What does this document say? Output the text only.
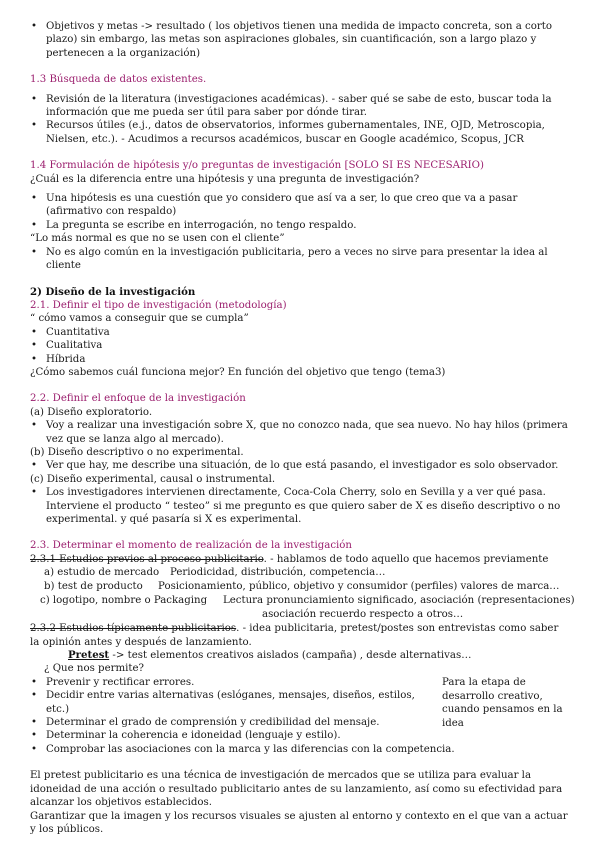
• Objetivos y metas -> resultado ( los objetivos tienen una medida de impacto concreta, son a corto plazo) sin embargo, las metas son aspiraciones globales, sin cuantificación, son a largo plazo y pertenecen a la organización)

1.3 Búsqueda de datos existentes.

• Revisión de la literatura (investigaciones académicas). - saber qué se sabe de esto, buscar toda la información que me pueda ser útil para saber por dónde tirar.

• Recursos útiles (e.j., datos de observatorios, informes gubernamentales, INE, OJD, Metroscopia, Nielsen, etc.). - Acudimos a recursos académicos, buscar en Google académico, Scopus, JCR

1.4 Formulación de hipótesis y/o preguntas de investigación [SOLO SI ES NECESARIO)

¿Cuál es la diferencia entre una hipótesis y una pregunta de investigación?

• Una hipótesis es una cuestión que yo considero que así va a ser, lo que creo que va a pasar (afirmativo con respaldo)

• La pregunta se escribe en interrogación, no tengo respaldo.

“Lo más normal es que no se usen con el cliente”

• No es algo común en la investigación publicitaria, pero a veces no sirve para presentar la idea al cliente

2) Diseño de la investigación

2.1. Definir el tipo de investigación (metodología)

“ cómo vamos a conseguir que se cumpla”

• Cuantitativa

• Cualitativa

• Híbrida

¿Cómo sabemos cuál funciona mejor? En función del objetivo que tengo (tema3)

2.2. Definir el enfoque de la investigación

(a) Diseño exploratorio.

• Voy a realizar una investigación sobre X, que no conozco nada, que sea nuevo. No hay hilos (primera vez que se lanza algo al mercado).

(b) Diseño descriptivo o no experimental.

• Ver que hay, me describe una situación, de lo que está pasando, el investigador es solo observador.

(c) Diseño experimental, causal o instrumental.

• Los investigadores intervienen directamente, Coca-Cola Cherry, solo en Sevilla y a ver qué pasa. Interviene el producto “ testeo” si me pregunto es que quiero saber de X es diseño descriptivo o no experimental. y qué pasaría si X es experimental.

2.3. Determinar el momento de realización de la investigación

2.3.1 Estudios previos al proceso publicitario. - hablamos de todo aquello que hacemos previamente

a) estudio de mercado Periodicidad, distribución, competencia…
b) test de producto Posicionamiento, público, objetivo y consumidor (perfiles) valores de marca…
c) logotipo, nombre o Packaging Lectura pronunciamiento significado, asociación (representaciones)
asociación recuerdo respecto a otros…

2.3.2 Estudios típicamente publicitarios. - idea publicitaria, pretest/postes son entrevistas como saber la opinión antes y después de lanzamiento.

Pretest -> test elementos creativos aislados (campaña) , desde alternativas…

¿ Que nos permite?

• Prevenir y rectificar errores.

• Decidir entre varias alternativas (eslóganes, mensajes, diseños, estilos, etc.)

• Determinar el grado de comprensión y credibilidad del mensaje.

• Determinar la coherencia e idoneidad (lenguaje y estilo).

• Comprobar las asociaciones con la marca y las diferencias con la competencia.

Para la etapa de desarrollo creativo, cuando pensamos en la idea

El pretest publicitario es una técnica de investigación de mercados que se utiliza para evaluar la idoneidad de una acción o resultado publicitario antes de su lanzamiento, así como su efectividad para alcanzar los objetivos establecidos.

Garantizar que la imagen y los recursos visuales se ajusten al entorno y contexto en el que van a actuar y los públicos.
